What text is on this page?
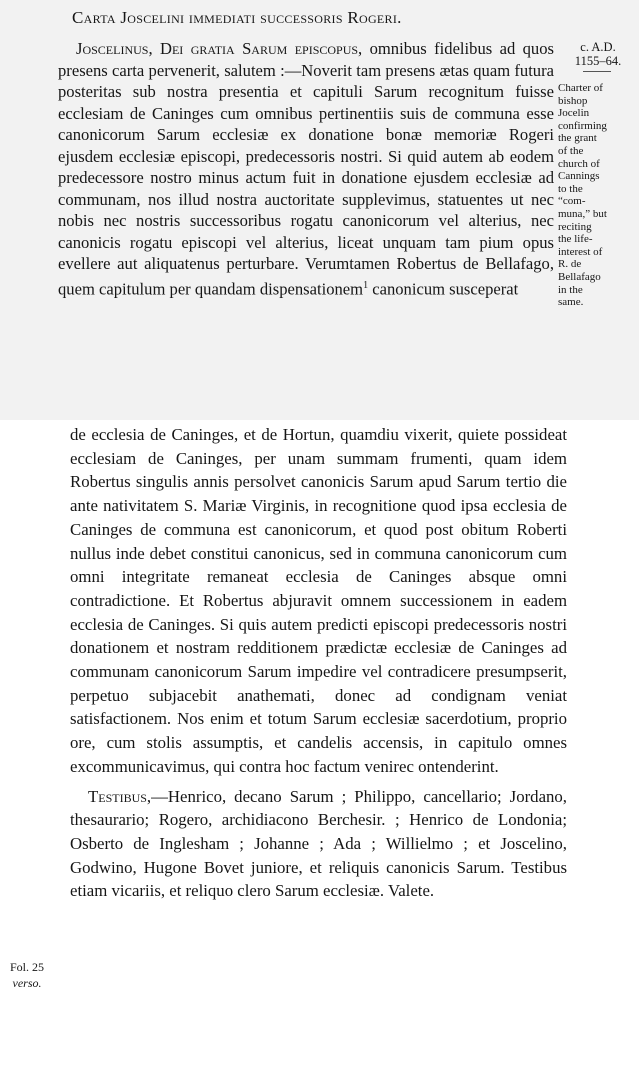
Carta Joscelini immediati successoris Rogeri.
c. A.D.
1155–64.
Charter of
bishop
Jocelin
confirming
the grant
of the
church of
Cannings
to the
“com-
muna,” but
reciting
the life-
interest of
R. de
Bellafago
in the
same.

Joscelinus, Dei gratia Sarum episcopus, omnibus fidelibus ad quos presens carta pervenerit, salutem :—Noverit tam presens ætas quam futura posteritas sub nostra presentia et capituli Sarum recognitum fuisse ecclesiam de Caninges cum omnibus pertinentiis suis de communa esse canonicorum Sarum ecclesiæ ex donatione bonæ memoriæ Rogeri ejusdem ecclesiæ episcopi, predecessoris nostri. Si quid autem ab eodem predecessore nostro minus actum fuit in donatione ejusdem ecclesiæ ad communam, nos illud nostra auctoritate supplevimus, statuentes ut nec nobis nec nostris successoribus rogatu canonicorum vel alterius, nec canonicis rogatu episcopi vel alterius, liceat unquam tam pium opus evellere aut aliquatenus perturbare. Verumtamen Robertus de Bellafago, quem capitulum per quandam dispensationem$^1$ canonicum susceperat

de ecclesia de Caninges, et de Hortun, quamdiu vixerit, quiete possideat ecclesiam de Caninges, per unam summam frumenti, quam idem Robertus singulis annis persolvet canonicis Sarum apud Sarum tertio die ante nativitatem S. Mariæ Virginis, in recognitione quod ipsa ecclesia de Caninges de communa est canonicorum, et quod post obitum Roberti nullus inde debet constitui canonicus, sed in communa canonicorum cum omni integritate remaneat ecclesia de Caninges absque omni contradictione. Et Robertus abjuravit omnem successionem in eadem ecclesia de Caninges. Si quis autem predicti episcopi predecessoris nostri donationem et nostram redditionem prædictæ ecclesiæ de Caninges ad communam canonicorum Sarum impedire vel contradicere presumpserit, perpetuo subjacebit anathemati, donec ad condignam veniat satisfactionem. Nos enim et totum Sarum ecclesiæ sacerdotium, proprio ore, cum stolis assumptis, et candelis accensis, in capitulo omnes excommunicavimus, qui contra hoc factum venirec ontenderint.

Testibus,—Henrico, decano Sarum ; Philippo, cancellario; Jordano, thesaurario; Rogero, archidiacono Berchesir. ; Henrico de Londonia; Osberto de Inglesham ; Johanne ; Ada ; Willielmo ; et Joscelino, Godwino, Hugone Bovet juniore, et reliquis canonicis Sarum. Testibus etiam vicariis, et reliquo clero Sarum ecclesiæ. Valete.

Fol. 25
verso.
